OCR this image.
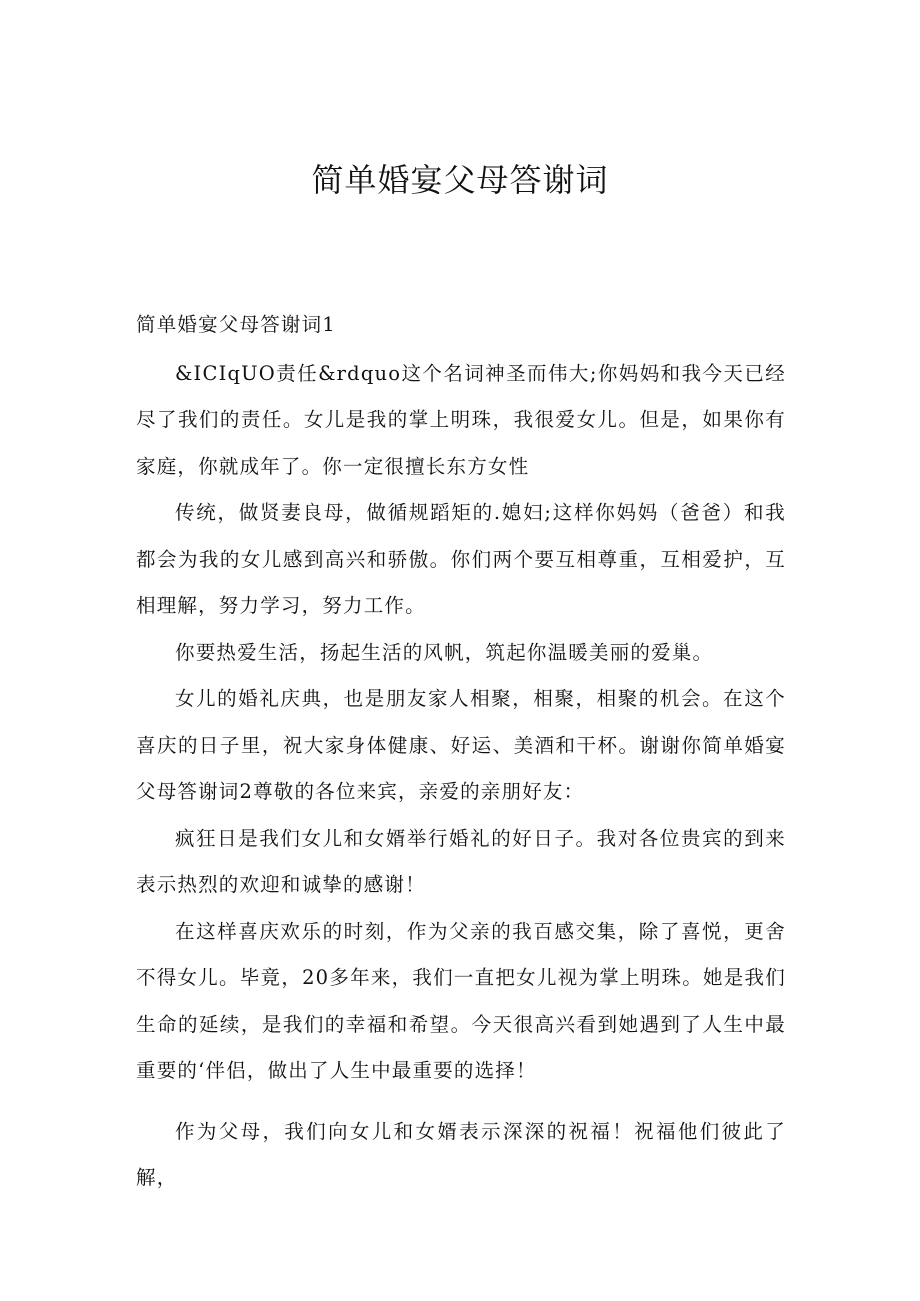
简单婚宴父母答谢词

简单婚宴父母答谢词1

&ICIqUO责任&rdquo这个名词神圣而伟大;你妈妈和我今天已经尽了我们的责任。女儿是我的掌上明珠，我很爱女儿。但是，如果你有家庭，你就成年了。你一定很擅长东方女性

传统，做贤妻良母，做循规蹈矩的.媳妇;这样你妈妈（爸爸）和我都会为我的女儿感到高兴和骄傲。你们两个要互相尊重，互相爱护，互相理解，努力学习，努力工作。

你要热爱生活，扬起生活的风帆，筑起你温暖美丽的爱巢。

女儿的婚礼庆典，也是朋友家人相聚，相聚，相聚的机会。在这个喜庆的日子里，祝大家身体健康、好运、美酒和干杯。谢谢你简单婚宴父母答谢词2尊敬的各位来宾，亲爱的亲朋好友：

疯狂日是我们女儿和女婿举行婚礼的好日子。我对各位贵宾的到来表示热烈的欢迎和诚挚的感谢！

在这样喜庆欢乐的时刻，作为父亲的我百感交集，除了喜悦，更舍不得女儿。毕竟，20多年来，我们一直把女儿视为掌上明珠。她是我们生命的延续，是我们的幸福和希望。今天很高兴看到她遇到了人生中最重要的‘伴侣，做出了人生中最重要的选择！

作为父母，我们向女儿和女婿表示深深的祝福！祝福他们彼此了解，
